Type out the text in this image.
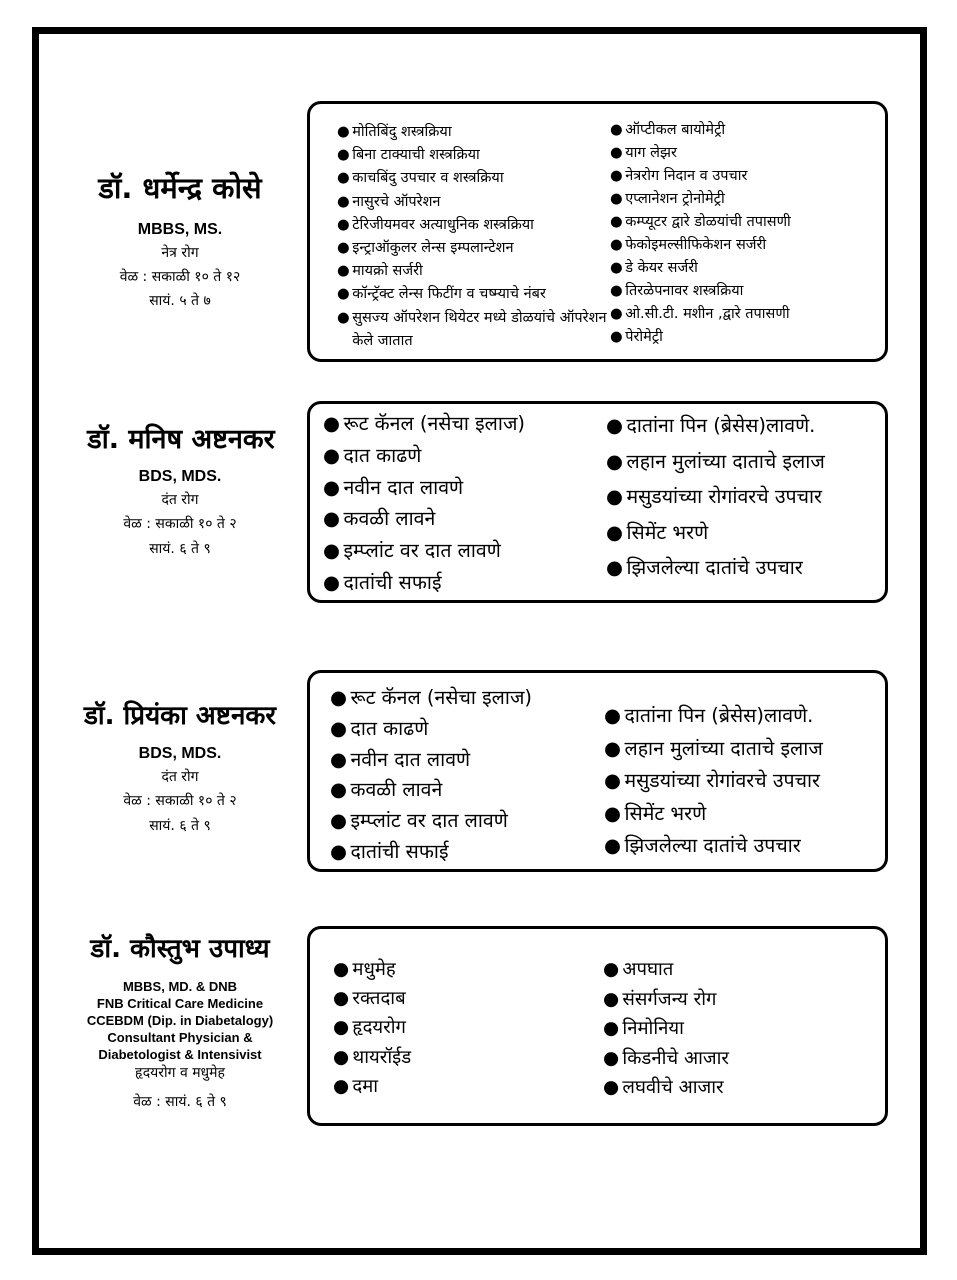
डॉ. धर्मेन्द्र कोसे
MBBS, MS.
नेत्र रोग
वेळ : सकाळी १० ते १२
सायं. ५ ते ७
● मोतिबिंदु शस्त्रक्रिया
● बिना टाक्याची शस्त्रक्रिया
● काचबिंदु उपचार व शस्त्रक्रिया
● नासुरचे ऑपरेशन
● टेरिजीयमवर अत्याधुनिक शस्त्रक्रिया
● इन्ट्राऑकुलर लेन्स इम्पलान्टेशन
● मायक्रो सर्जरी
● कॉन्ट्रॅक्ट लेन्स फिटींग व चष्म्याचे नंबर
● सुसज्य ऑपरेशन थियेटर मध्ये डोळयांचे ऑपरेशन केले जातात
● ऑप्टीकल बायोमेट्री
● याग लेझर
● नेत्ररोग निदान व उपचार
● एप्लानेशन ट्रोनोमेट्री
● कम्प्यूटर द्वारे डोळयांची तपासणी
● फेकोइमल्सीफिकेशन सर्जरी
● डे केयर सर्जरी
● तिरळेपनावर शस्त्रक्रिया
● ओ.सी.टी. मशीन ,द्वारे तपासणी
● पेरोमेट्री
डॉ. मनिष अष्टनकर
BDS, MDS.
दंत रोग
वेळ : सकाळी १० ते २
सायं. ६ ते ९
● रूट कॅनल (नसेचा इलाज)
● दात काढणे
● नवीन दात लावणे
● कवळी लावने
● इम्प्लांट वर दात लावणे
● दातांची सफाई
● दातांना पिन (ब्रेसेस)लावणे.
● लहान मुलांच्या दाताचे इलाज
● मसुडयांच्या रोगांवरचे उपचार
● सिमेंट भरणे
● झिजलेल्या दातांचे उपचार
डॉ. प्रियंका अष्टनकर
BDS, MDS.
दंत रोग
वेळ : सकाळी १० ते २
सायं. ६ ते ९
● रूट कॅनल (नसेचा इलाज)
● दात काढणे
● नवीन दात लावणे
● कवळी लावने
● इम्प्लांट वर दात लावणे
● दातांची सफाई
● दातांना पिन (ब्रेसेस)लावणे.
● लहान मुलांच्या दाताचे इलाज
● मसुडयांच्या रोगांवरचे उपचार
● सिमेंट भरणे
● झिजलेल्या दातांचे उपचार
डॉ. कौस्तुभ उपाध्य
MBBS, MD. & DNB
FNB Critical Care Medicine
CCEBDM (Dip. in Diabetalogy)
Consultant Physician &
Diabetologist & Intensivist
हृदयरोग व मधुमेह
वेळ : सायं. ६ ते ९
● मधुमेह
● रक्तदाब
● हृदयरोग
● थायरॉईड
● दमा
● अपघात
● संसर्गजन्य रोग
● निमोनिया
● किडनीचे आजार
● लघवीचे आजार
